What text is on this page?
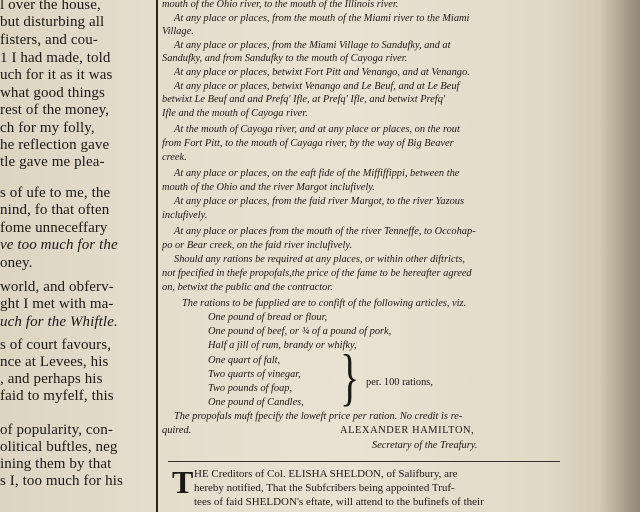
l over the house,
but disturbing all
fisters, and cou-
1 I had made, told
uch for it as it was
what good things
rest of the money,
ch for my folly,
he reflection gave
tle gave me plea-
s of ufe to me, the
nind, fo that often
fome unneceffary
ve too much for the
oney.
world, and obferv-
ght I met with ma-
uch for the Whiftle.
s of court favours,
nce at Levees, his
, and perhaps his
faid to myfelf, this
of popularity, con-
olitical buftles, neg
ining them by that
s I, too much for his
mouth of the Ohio river, to the mouth of the Illinois river.
At any place or places, from the mouth of the Miami river to the Miami
Village.
At any place or places, from the Miami Village to Sandufky, and at
Sandufky, and from Sandufky to the mouth of Cayoga river.
At any place or places, betwixt Fort Pitt and Venango, and at Venango.
At any place or places, betwixt Venango and Le Beuf, and at Le Beuf
betwixt Le Beuf and and Prefq' Ifle, at Prefq' Ifle, and betwixt Prefq'
Ifle and the mouth of Cayoga river.
At the mouth of Cayoga river, and at any place or places, on the rout
from Fort Pitt, to the mouth of Cayaga river, by the way of Big Beaver
creek.
At any place or places, on the eaft fide of the Miffiffippi, between the
mouth of the Ohio and the river Margot inclufively.
At any place or places, from the faid river Margot, to the river Yazous
inclufively.
At any place or places from the mouth of the river Tenneffe, to Occohap-
po or Bear creek, on the faid river inclufively.
Should any rations be required at any places, or within other diftricts,
not fpecified in thefe propofals,the price of the fame to be hereafter agreed
on, betwixt the public and the contractor.
The rations to be fupplied are to confift of the following articles, viz.
One pound of bread or flour,
One pound of beef, or ¾ of a pound of pork,
Half a jill of rum, brandy or whifky,
One quart of falt,
Two quarts of vinegar,
Two pounds of foap,
One pound of Candles, } per. 100 rations,
The propofals muft fpecify the loweft price per ration. No credit is re-
quired.	ALEXANDER HAMILTON,
Secretary of the Treafury.
T HE Creditors of Col. ELISHA SHELDON, of Salifbury, are
hereby notified, That the Subfcribers being appointed Truf-
tees of faid SHELDON's eftate, will attend to the bufinefs of their
